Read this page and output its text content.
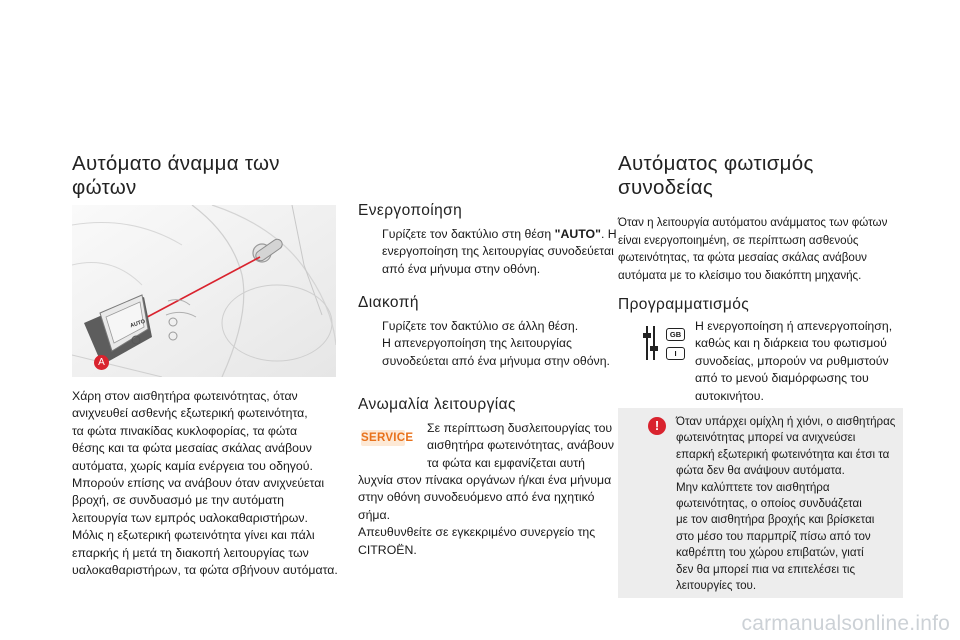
Αυτόματο άναμμα των
φώτων
AUTO
A
Χάρη στον αισθητήρα φωτεινότητας, όταν
ανιχνευθεί ασθενής εξωτερική φωτεινότητα,
τα φώτα πινακίδας κυκλοφορίας, τα φώτα
θέσης και τα φώτα μεσαίας σκάλας ανάβουν
αυτόματα, χωρίς καμία ενέργεια του οδηγού.
Μπορούν επίσης να ανάβουν όταν ανιχνεύεται
βροχή, σε συνδυασμό με την αυτόματη
λειτουργία των εμπρός υαλοκαθαριστήρων.
Μόλις η εξωτερική φωτεινότητα γίνει και πάλι
επαρκής ή μετά τη διακοπή λειτουργίας των
υαλοκαθαριστήρων, τα φώτα σβήνουν αυτόματα.
Ενεργοποίηση
Γυρίζετε τον δακτύλιο στη θέση "AUTO". Η
ενεργοποίηση της λειτουργίας συνοδεύεται
από ένα μήνυμα στην οθόνη.
Διακοπή
Γυρίζετε τον δακτύλιο σε άλλη θέση.
Η απενεργοποίηση της λειτουργίας
συνοδεύεται από ένα μήνυμα στην οθόνη.
Ανωμαλία λειτουργίας
SERVICE
Σε περίπτωση δυσλειτουργίας του
αισθητήρα φωτεινότητας, ανάβουν
τα φώτα και εμφανίζεται αυτή
λυχνία στον πίνακα οργάνων ή/και ένα μήνυμα
στην οθόνη συνοδευόμενο από ένα ηχητικό
σήμα.
Απευθυνθείτε σε εγκεκριμένο συνεργείο της
CITROËN.
Αυτόματος φωτισμός
συνοδείας
Όταν η λειτουργία αυτόματου ανάμματος των φώτων
είναι ενεργοποιημένη, σε περίπτωση ασθενούς
φωτεινότητας, τα φώτα μεσαίας σκάλας ανάβουν
αυτόματα με το κλείσιμο του διακόπτη μηχανής.
Προγραμματισμός
GB
I
Η ενεργοποίηση ή απενεργοποίηση,
καθώς και η διάρκεια του φωτισμού
συνοδείας, μπορούν να ρυθμιστούν
από το μενού διαμόρφωσης του
αυτοκινήτου.
!	Όταν υπάρχει ομίχλη ή χιόνι, ο αισθητήρας
φωτεινότητας μπορεί να ανιχνεύσει
επαρκή εξωτερική φωτεινότητα και έτσι τα
φώτα δεν θα ανάψουν αυτόματα.
Μην καλύπτετε τον αισθητήρα
φωτεινότητας, ο οποίος συνδυάζεται
με τον αισθητήρα βροχής και βρίσκεται
στο μέσο του παρμπρίζ πίσω από τον
καθρέπτη του χώρου επιβατών, γιατί
δεν θα μπορεί πια να επιτελέσει τις
λειτουργίες του.
carmanualsonline.info
